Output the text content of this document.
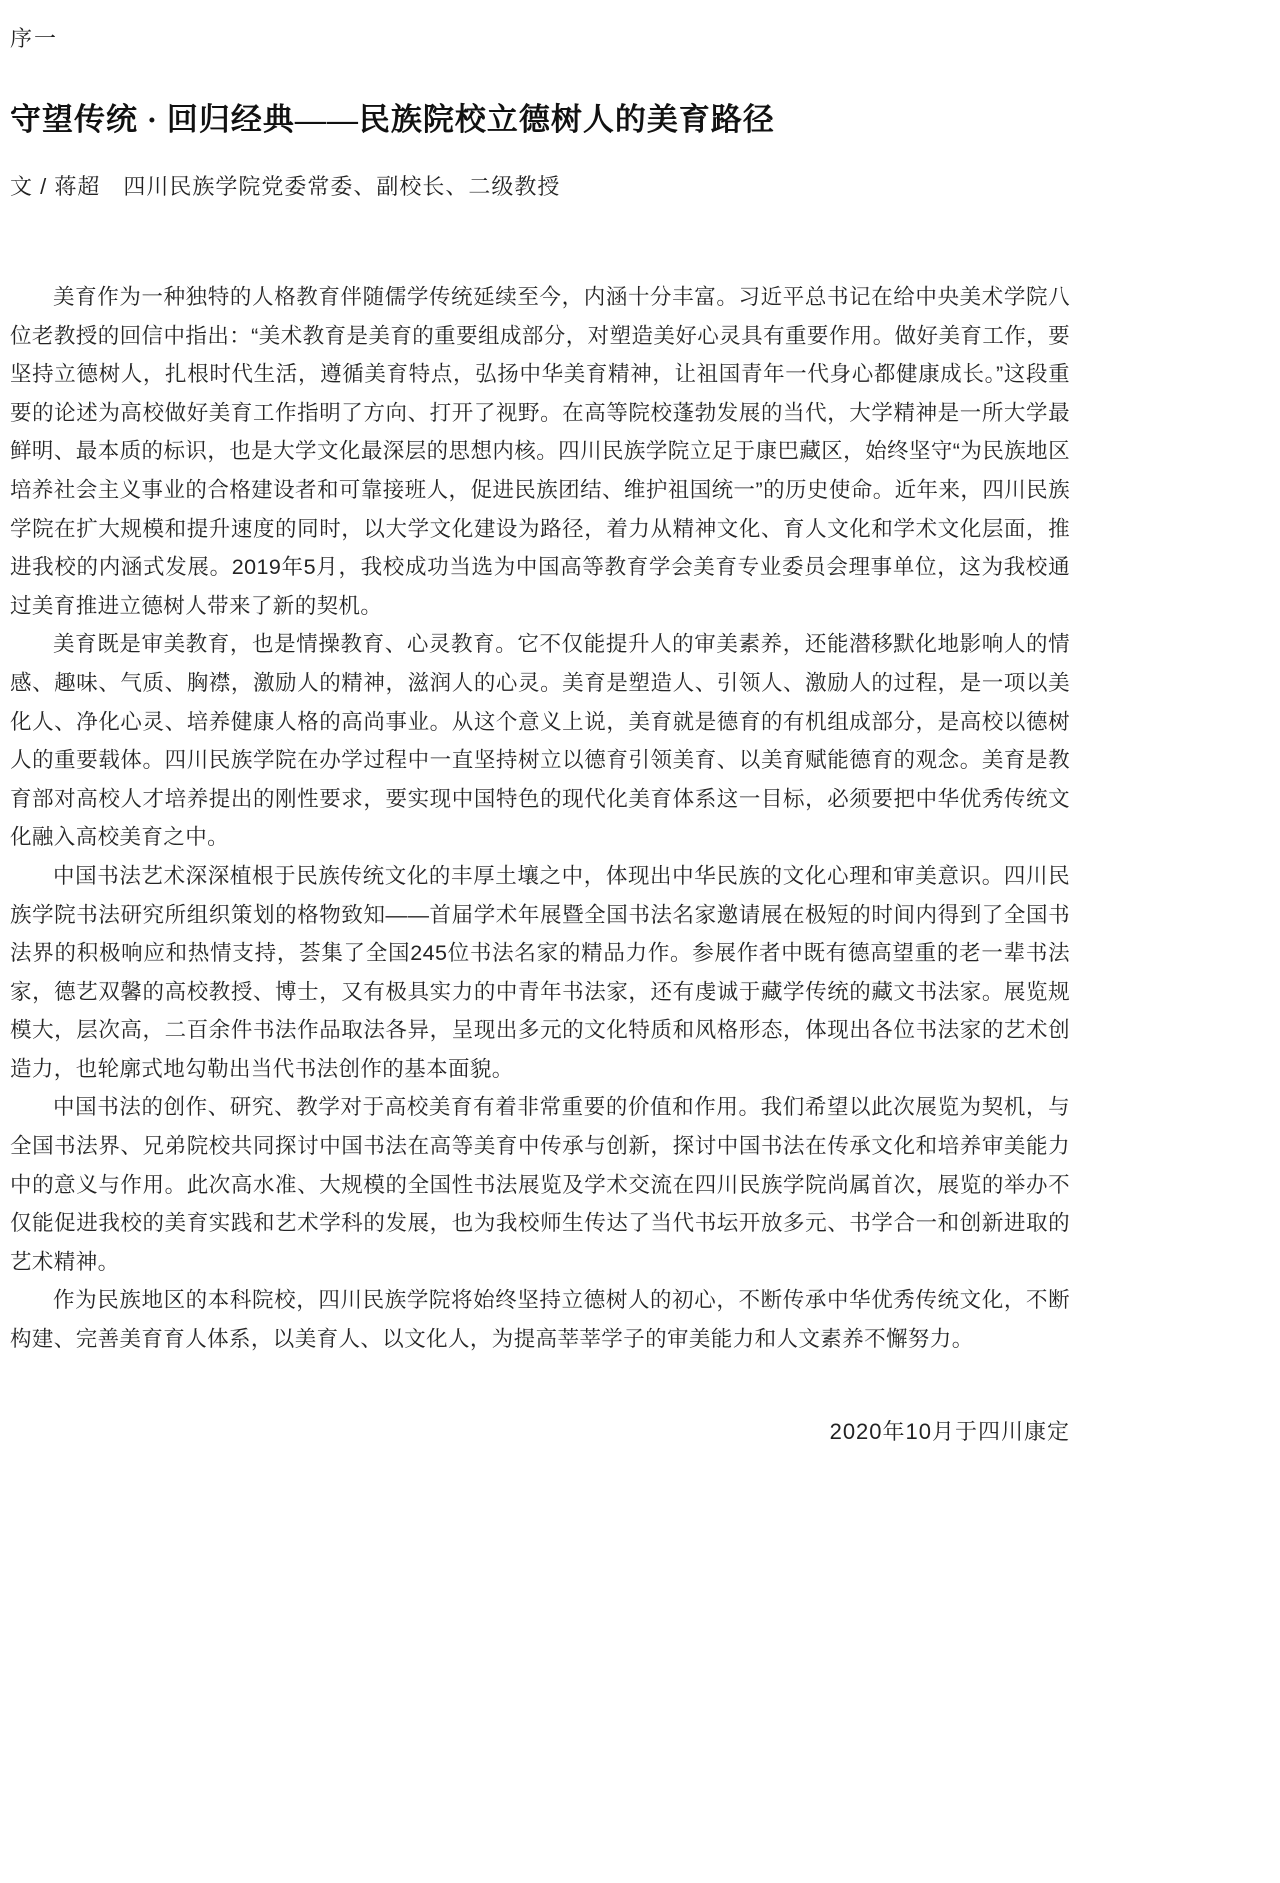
序一
守望传统 · 回归经典——民族院校立德树人的美育路径
文 / 蒋超　四川民族学院党委常委、副校长、二级教授

美育作为一种独特的人格教育伴随儒学传统延续至今，内涵十分丰富。习近平总书记在给中央美术学院八位老教授的回信中指出：“美术教育是美育的重要组成部分，对塑造美好心灵具有重要作用。做好美育工作，要坚持立德树人，扎根时代生活，遵循美育特点，弘扬中华美育精神，让祖国青年一代身心都健康成长。”这段重要的论述为高校做好美育工作指明了方向、打开了视野。在高等院校蓬勃发展的当代，大学精神是一所大学最鲜明、最本质的标识，也是大学文化最深层的思想内核。四川民族学院立足于康巴藏区，始终坚守“为民族地区培养社会主义事业的合格建设者和可靠接班人，促进民族团结、维护祖国统一”的历史使命。近年来，四川民族学院在扩大规模和提升速度的同时，以大学文化建设为路径，着力从精神文化、育人文化和学术文化层面，推进我校的内涵式发展。2019年5月，我校成功当选为中国高等教育学会美育专业委员会理事单位，这为我校通过美育推进立德树人带来了新的契机。

美育既是审美教育，也是情操教育、心灵教育。它不仅能提升人的审美素养，还能潜移默化地影响人的情感、趣味、气质、胸襟，激励人的精神，滋润人的心灵。美育是塑造人、引领人、激励人的过程，是一项以美化人、净化心灵、培养健康人格的高尚事业。从这个意义上说，美育就是德育的有机组成部分，是高校以德树人的重要载体。四川民族学院在办学过程中一直坚持树立以德育引领美育、以美育赋能德育的观念。美育是教育部对高校人才培养提出的刚性要求，要实现中国特色的现代化美育体系这一目标，必须要把中华优秀传统文化融入高校美育之中。

中国书法艺术深深植根于民族传统文化的丰厚土壤之中，体现出中华民族的文化心理和审美意识。四川民族学院书法研究所组织策划的格物致知——首届学术年展暨全国书法名家邀请展在极短的时间内得到了全国书法界的积极响应和热情支持，荟集了全国245位书法名家的精品力作。参展作者中既有德高望重的老一辈书法家，德艺双馨的高校教授、博士，又有极具实力的中青年书法家，还有虔诚于藏学传统的藏文书法家。展览规模大，层次高，二百余件书法作品取法各异，呈现出多元的文化特质和风格形态，体现出各位书法家的艺术创造力，也轮廓式地勾勒出当代书法创作的基本面貌。

中国书法的创作、研究、教学对于高校美育有着非常重要的价值和作用。我们希望以此次展览为契机，与全国书法界、兄弟院校共同探讨中国书法在高等美育中传承与创新，探讨中国书法在传承文化和培养审美能力中的意义与作用。此次高水准、大规模的全国性书法展览及学术交流在四川民族学院尚属首次，展览的举办不仅能促进我校的美育实践和艺术学科的发展，也为我校师生传达了当代书坛开放多元、书学合一和创新进取的艺术精神。

作为民族地区的本科院校，四川民族学院将始终坚持立德树人的初心，不断传承中华优秀传统文化，不断构建、完善美育育人体系，以美育人、以文化人，为提高莘莘学子的审美能力和人文素养不懈努力。

2020年10月于四川康定
